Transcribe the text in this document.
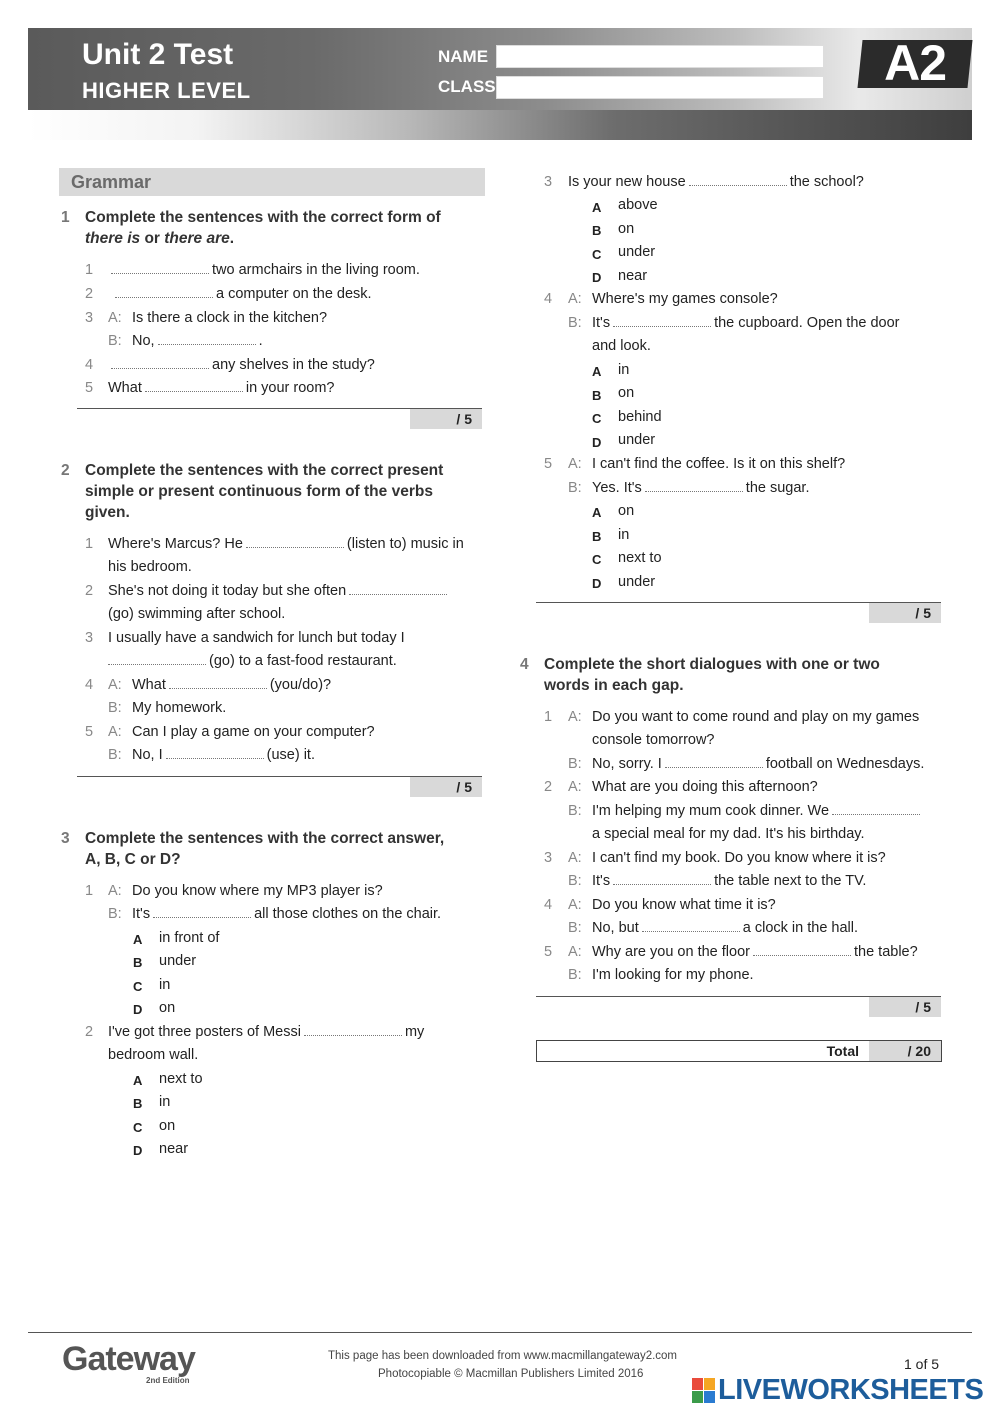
Unit 2 Test
HIGHER LEVEL
NAME
CLASS	A2
Grammar
1 Complete the sentences with the correct form of
there is or there are.
1	two armchairs in the living room.
2	a computer on the desk.
3 A: Is there a clock in the kitchen?
B: No,	.
4	any shelves in the study?
5 What	in your room?
/ 5
2 Complete the sentences with the correct present
simple or present continuous form of the verbs
given.
1 Where's Marcus? He	(listen to) music in
his bedroom.
2 She's not doing it today but she often
(go) swimming after school.
3 I usually have a sandwich for lunch but today I
(go) to a fast-food restaurant.
4 A: What	(you/do)?
B: My homework.
5 A: Can I play a game on your computer?
B: No, I	(use) it.
/ 5
3 Complete the sentences with the correct answer,
A, B, C or D?
1 A: Do you know where my MP3 player is?
B: It's	all those clothes on the chair.
A in front of
B under
C in
D on
2 I've got three posters of Messi	my
bedroom wall.
A next to
B in
C on
D near
3 Is your new house	the school?
A above
B on
C under
D near
4 A: Where's my games console?
B: It's	the cupboard. Open the door
and look.
A in
B on
C behind
D under
5 A: I can't find the coffee. Is it on this shelf?
B: Yes. It's	the sugar.
A on
B in
C next to
D under
/ 5
4 Complete the short dialogues with one or two
words in each gap.
1 A: Do you want to come round and play on my games
console tomorrow?
B: No, sorry. I	football on Wednesdays.
2 A: What are you doing this afternoon?
B: I'm helping my mum cook dinner. We
a special meal for my dad. It's his birthday.
3 A: I can't find my book. Do you know where it is?
B: It's	the table next to the TV.
4 A: Do you know what time it is?
B: No, but	a clock in the hall.
5 A: Why are you on the floor	the table?
B: I'm looking for my phone.
/ 5
Total	/ 20
Gateway
2nd Edition
This page has been downloaded from www.macmillangateway2.com
Photocopiable © Macmillan Publishers Limited 2016
1 of 5
LIVEWORKSHEETS
